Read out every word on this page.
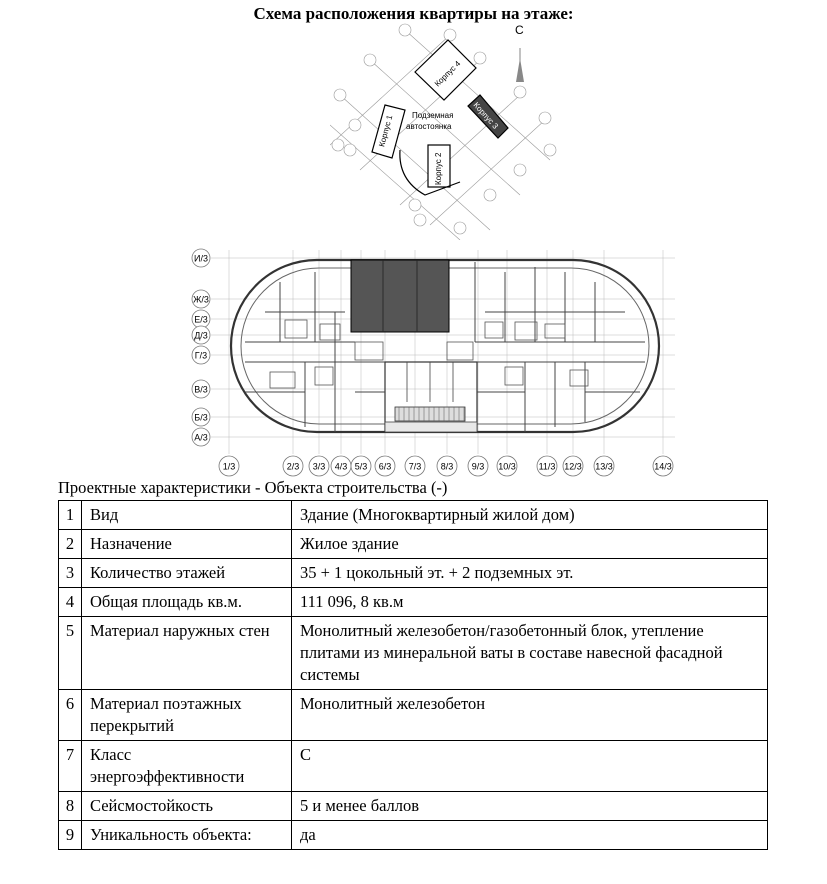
Схема расположения квартиры на этаже:
Корпус 4
Корпус 1
Корпус 2
Корпус 3
Подземная
автостоянка
С
И/3
Ж/3
Е/3
Д/3
Г/3
В/3
Б/3
А/3
1/3	2/3 3/3 4/3 5/3 6/3 7/3 8/3 9/3 10/3	11/3 12/3 13/3	14/3
Проектные характеристики - Объекта строительства (-)
1	Вид	Здание (Многоквартирный жилой дом)
2	Назначение	Жилое здание
3	Количество этажей	35 + 1 цокольный эт. + 2 подземных эт.
4	Общая площадь кв.м.	111 096, 8 кв.м
5	Материал наружных стен	Монолитный железобетон/газобетонный блок, утепление плитами из минеральной ваты в составе навесной фасадной системы
6	Материал поэтажных перекрытий	Монолитный железобетон
7	Класс энергоэффективности	С
8	Сейсмостойкость	5 и менее баллов
9	Уникальность объекта:	да
